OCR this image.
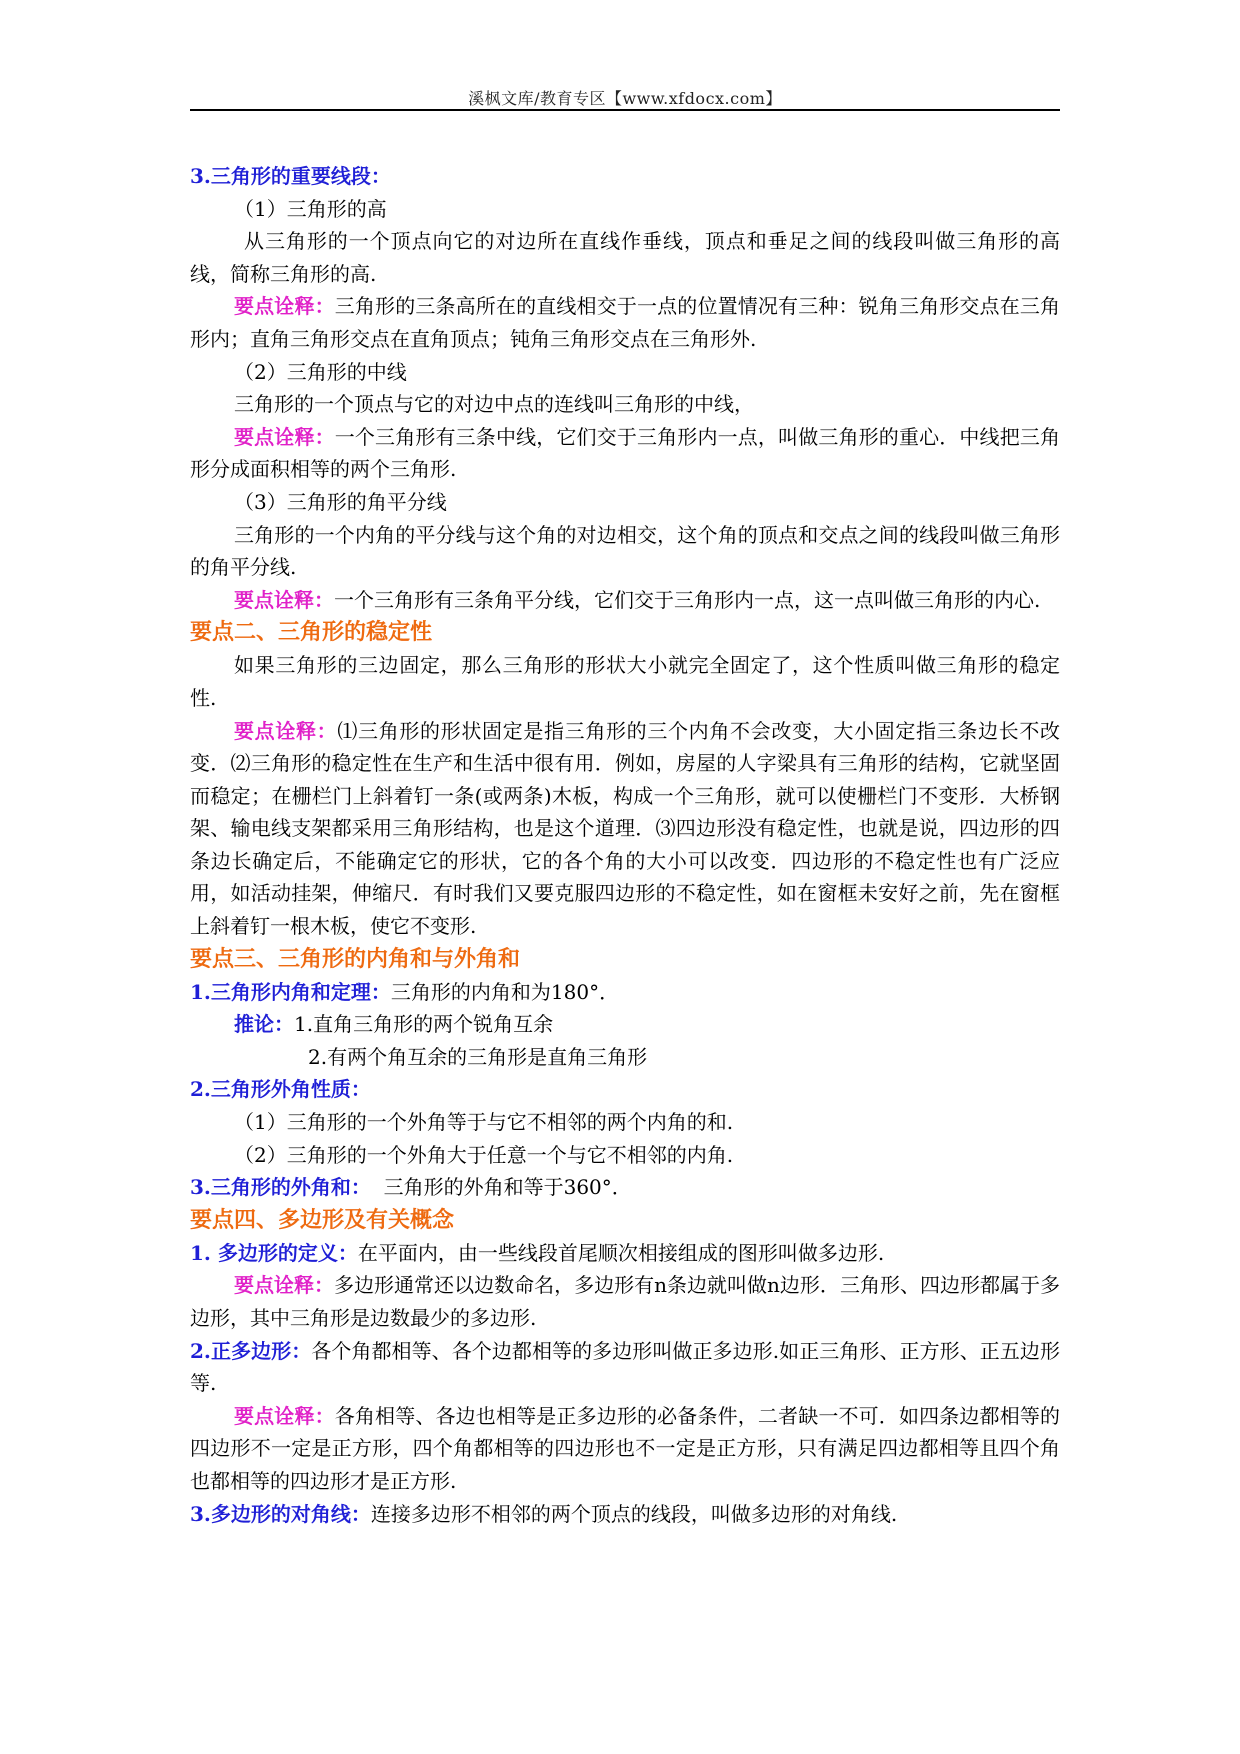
溪枫文库/教育专区【www.xfdocx.com】

3.三角形的重要线段：

（1）三角形的高

从三角形的一个顶点向它的对边所在直线作垂线，顶点和垂足之间的线段叫做三角形的高线，简称三角形的高.

要点诠释：三角形的三条高所在的直线相交于一点的位置情况有三种：锐角三角形交点在三角形内；直角三角形交点在直角顶点；钝角三角形交点在三角形外.

（2）三角形的中线

三角形的一个顶点与它的对边中点的连线叫三角形的中线，

要点诠释：一个三角形有三条中线，它们交于三角形内一点，叫做三角形的重心．中线把三角形分成面积相等的两个三角形.

（3）三角形的角平分线

三角形的一个内角的平分线与这个角的对边相交，这个角的顶点和交点之间的线段叫做三角形的角平分线.

要点诠释：一个三角形有三条角平分线，它们交于三角形内一点，这一点叫做三角形的内心.

要点二、三角形的稳定性

如果三角形的三边固定，那么三角形的形状大小就完全固定了，这个性质叫做三角形的稳定性.

要点诠释：⑴三角形的形状固定是指三角形的三个内角不会改变，大小固定指三条边长不改变．⑵三角形的稳定性在生产和生活中很有用．例如，房屋的人字梁具有三角形的结构，它就坚固而稳定；在栅栏门上斜着钉一条(或两条)木板，构成一个三角形，就可以使栅栏门不变形．大桥钢架、输电线支架都采用三角形结构，也是这个道理．⑶四边形没有稳定性，也就是说，四边形的四条边长确定后，不能确定它的形状，它的各个角的大小可以改变．四边形的不稳定性也有广泛应用，如活动挂架，伸缩尺．有时我们又要克服四边形的不稳定性，如在窗框未安好之前，先在窗框上斜着钉一根木板，使它不变形.

要点三、三角形的内角和与外角和

1.三角形内角和定理：三角形的内角和为180°．

推论：1.直角三角形的两个锐角互余

2.有两个角互余的三角形是直角三角形

2.三角形外角性质：

（1）三角形的一个外角等于与它不相邻的两个内角的和.

（2）三角形的一个外角大于任意一个与它不相邻的内角.

3.三角形的外角和： 三角形的外角和等于360°．

要点四、多边形及有关概念

1. 多边形的定义：在平面内，由一些线段首尾顺次相接组成的图形叫做多边形.

要点诠释：多边形通常还以边数命名，多边形有n条边就叫做n边形．三角形、四边形都属于多边形，其中三角形是边数最少的多边形.

2.正多边形：各个角都相等、各个边都相等的多边形叫做正多边形.如正三角形、正方形、正五边形等.

要点诠释：各角相等、各边也相等是正多边形的必备条件，二者缺一不可．如四条边都相等的四边形不一定是正方形，四个角都相等的四边形也不一定是正方形，只有满足四边都相等且四个角也都相等的四边形才是正方形.

3.多边形的对角线：连接多边形不相邻的两个顶点的线段，叫做多边形的对角线.
